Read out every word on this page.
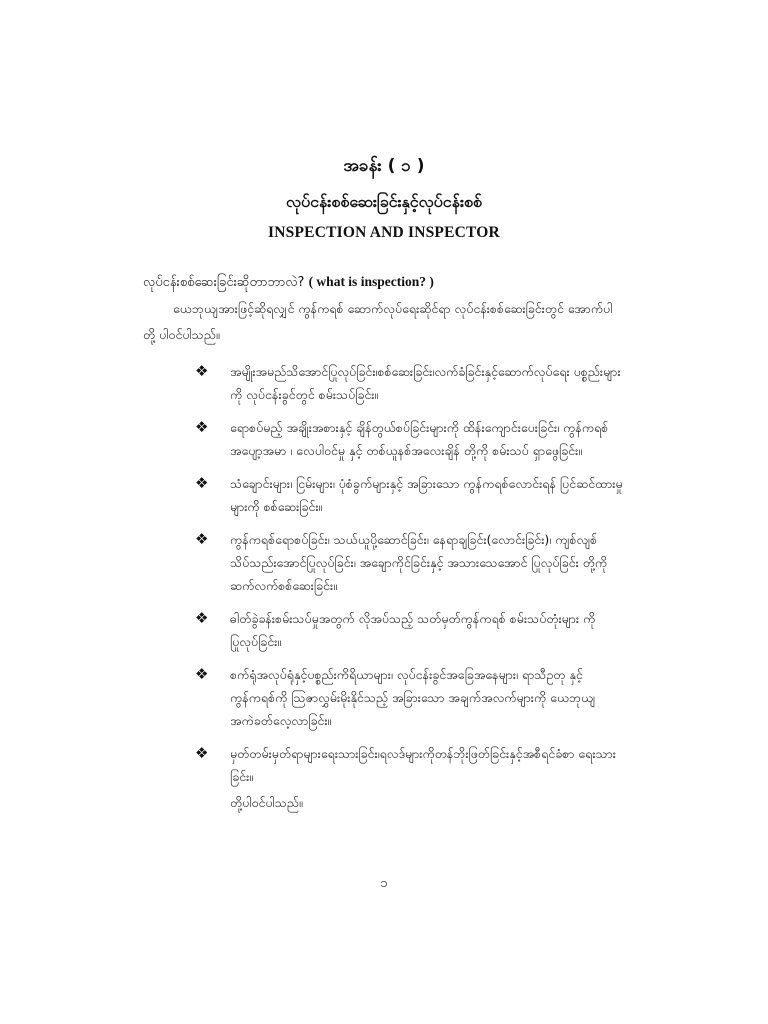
အခန်း ( ၁ )
လုပ်ငန်းစစ်ဆေးခြင်းနှင့်လုပ်ငန်းစစ်
INSPECTION AND INSPECTOR
လုပ်ငန်းစစ်ဆေးခြင်းဆိုတာဘာလဲ? ( what is inspection? )
ယေဘုယျအားဖြင့်ဆိုရလျှင် ကွန်ကရစ် ဆောက်လုပ်ရေးဆိုင်ရာ လုပ်ငန်းစစ်ဆေးခြင်းတွင် အောက်ပါတို့ ပါဝင်ပါသည်။
❖ အမျိုးအမည်သိအောင်ပြုလုပ်ခြင်း၊စစ်ဆေးခြင်း၊လက်ခံခြင်းနှင့်ဆောက်လုပ်ရေး ပစ္စည်းများကို လုပ်ငန်းခွင်တွင် စမ်းသပ်ခြင်း။
❖ ရောစပ်မည့် အချိုးအစားနှင့် ချိန်တွယ်စပ်ခြင်းများကို ထိန်းကျောင်းပေးခြင်း၊ ကွန်ကရစ်အပျော့အမာ ၊ လေပါဝင်မှု နှင့် တစ်ယူနစ်အလေးချိန် တို့ကို စမ်းသပ် ရှာဖွေခြင်း။
❖ သံချောင်းများ၊ ငြမ်းများ၊ ပုံစံခွက်များနှင့် အခြားသော ကွန်ကရစ်လောင်းရန် ပြင်ဆင်ထားမှုများကို စစ်ဆေးခြင်း။
❖ ကွန်ကရစ်ရောစပ်ခြင်း၊ သယ်ယူပို့ဆောင်ခြင်း၊ နေရာချခြင်း(လောင်းခြင်း)၊ ကျစ်လျစ်သိပ်သည်းအောင်ပြုလုပ်ခြင်း၊ အချောကိုင်ခြင်းနှင့် အသားသေအောင် ပြုလုပ်ခြင်း တို့ကို ဆက်လက်စစ်ဆေးခြင်း။
❖ ဓါတ်ခွဲခန်းစမ်းသပ်မှုအတွက် လိုအပ်သည့် သတ်မှတ်ကွန်ကရစ် စမ်းသပ်တုံးများ ကို ပြုလုပ်ခြင်း။
❖ စက်ရုံအလုပ်ရုံနှင့်ပစ္စည်းကိရိယာများ၊ လုပ်ငန်းခွင်အခြေအနေများ၊ ရာသီဥတု နှင့် ကွန်ကရစ်ကို ဩဇာလွှမ်းမိုးနိုင်သည့် အခြားသော အချက်အလက်များကို ယေဘုယျ အကဲခတ်လေ့လာခြင်း။
❖ မှတ်တမ်းမှတ်ရာများရေးသားခြင်း၊ရလဒ်များကိုတန်ဘိုးဖြတ်ခြင်းနှင့်အစီရင်ခံစာ ရေးသားခြင်း။
တို့ပါဝင်ပါသည်။
၁
